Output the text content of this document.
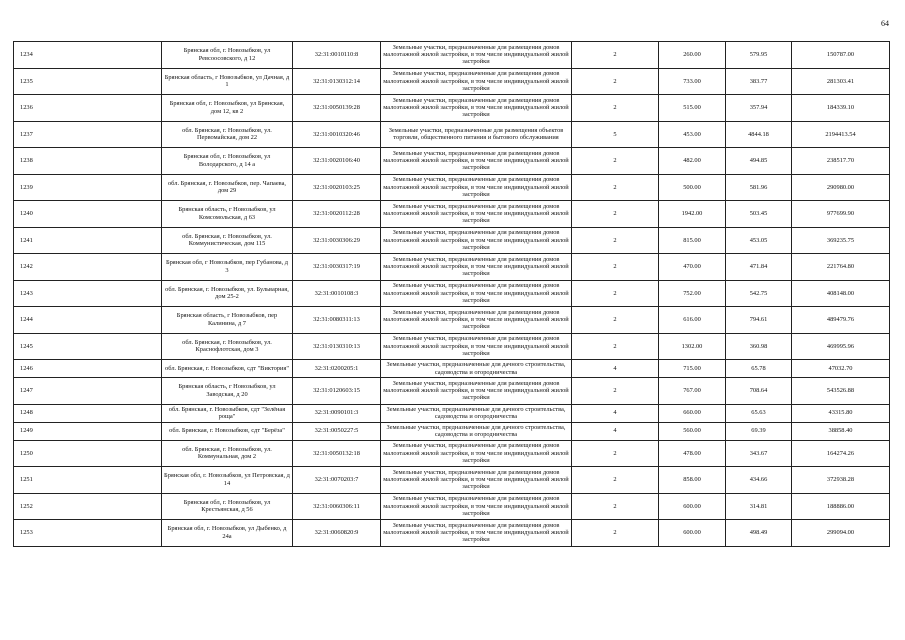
64
1234	Брянская обл, г. Новозыбков, ул Ревсоосовского, д 12	32:31:0010110:8	Земельные участки, предназначенные для размещения домов малоэтажной жилой застройки, в том числе индивидуальной жилой застройки	2	260.00	579.95	150787.00
1235	Брянская область, г Новозыбков, ул Дачная, д 1	32:31:0130312:14	Земельные участки, предназначенные для размещения домов малоэтажной жилой застройки, в том числе индивидуальной жилой застройки	2	733.00	383.77	281303.41
1236	Брянская обл, г. Новозыбков, ул Брянская, дом 12, кв 2	32:31:0050139:28	Земельные участки, предназначенные для размещения домов малоэтажной жилой застройки, в том числе индивидуальной жилой застройки	2	515.00	357.94	184339.10
1237	обл. Брянская, г. Новозыбков, ул. Первомайская, дом 22	32:31:0010320:46	Земельные участки, предназначенные для размещения объектов торговли, общественного питания и бытового обслуживания	5	453.00	4844.18	2194413.54
1238	Брянская обл, г. Новозыбков, ул Володарского, д 14 а	32:31:0020106:40	Земельные участки, предназначенные для размещения домов малоэтажной жилой застройки, в том числе индивидуальной жилой застройки	2	482.00	494.85	238517.70
1239	обл. Брянская, г. Новозыбков, пер. Чапаева, дом 29	32:31:0020103:25	Земельные участки, предназначенные для размещения домов малоэтажной жилой застройки, в том числе индивидуальной жилой застройки	2	500.00	581.96	290980.00
1240	Брянская область, г Новозыбков, ул Комсомольская, д 63	32:31:0020112:28	Земельные участки, предназначенные для размещения домов малоэтажной жилой застройки, в том числе индивидуальной жилой застройки	2	1942.00	503.45	977699.90
1241	обл. Брянская, г. Новозыбков, ул. Коммунистическая, дом 115	32:31:0030306:29	Земельные участки, предназначенные для размещения домов малоэтажной жилой застройки, в том числе индивидуальной жилой застройки	2	815.00	453.05	369235.75
1242	Брянская обл, г Новозыбков, пер Губанова, д 3	32:31:0030317:19	Земельные участки, предназначенные для размещения домов малоэтажной жилой застройки, в том числе индивидуальной жилой застройки	2	470.00	471.84	221764.80
1243	обл. Брянская, г. Новозыбков, ул. Бульварная, дом 25-2	32:31:0010108:3	Земельные участки, предназначенные для размещения домов малоэтажной жилой застройки, в том числе индивидуальной жилой застройки	2	752.00	542.75	408148.00
1244	Брянская область, г Новозыбков, пер Калинина, д 7	32:31:0080311:13	Земельные участки, предназначенные для размещения домов малоэтажной жилой застройки, в том числе индивидуальной жилой застройки	2	616.00	794.61	489479.76
1245	обл. Брянская, г. Новозыбков, ул. Краснофлотская, дом 3	32:31:0130310:13	Земельные участки, предназначенные для размещения домов малоэтажной жилой застройки, в том числе индивидуальной жилой застройки	2	1302.00	360.98	469995.96
1246	обл. Брянская, г. Новозыбков, сдт "Виктория"	32:31:0200205:1	Земельные участки, предназначенные для дачного строительства, садоводства и огородничества	4	715.00	65.78	47032.70
1247	Брянская область, г Новозыбков, ул Заводская, д 20	32:31:0120603:15	Земельные участки, предназначенные для размещения домов малоэтажной жилой застройки, в том числе индивидуальной жилой застройки	2	767.00	708.64	543526.88
1248	обл. Брянская, г. Новозыбков, сдт "Зелёная роща"	32:31:0090101:3	Земельные участки, предназначенные для дачного строительства, садоводства и огородничества	4	660.00	65.63	43315.80
1249	обл. Брянская, г. Новозыбков, сдт "Берёза"	32:31:0050227:5	Земельные участки, предназначенные для дачного строительства, садоводства и огородничества	4	560.00	69.39	38858.40
1250	обл. Брянская, г. Новозыбков, ул. Коммунальная, дом 2	32:31:0050132:18	Земельные участки, предназначенные для размещения домов малоэтажной жилой застройки, в том числе индивидуальной жилой застройки	2	478.00	343.67	164274.26
1251	Брянская обл, г. Новозыбков, ул Петровская, д 14	32:31:0070203:7	Земельные участки, предназначенные для размещения домов малоэтажной жилой застройки, в том числе индивидуальной жилой застройки	2	858.00	434.66	372938.28
1252	Брянская обл, г. Новозыбков, ул Крестьянская, д 56	32:31:0060306:11	Земельные участки, предназначенные для размещения домов малоэтажной жилой застройки, в том числе индивидуальной жилой застройки	2	600.00	314.81	188886.00
1253	Брянская обл, г. Новозыбков, ул Дыбенко, д 24а	32:31:0060820:9	Земельные участки, предназначенные для размещения домов малоэтажной жилой застройки, в том числе индивидуальной жилой застройки	2	600.00	498.49	299094.00
